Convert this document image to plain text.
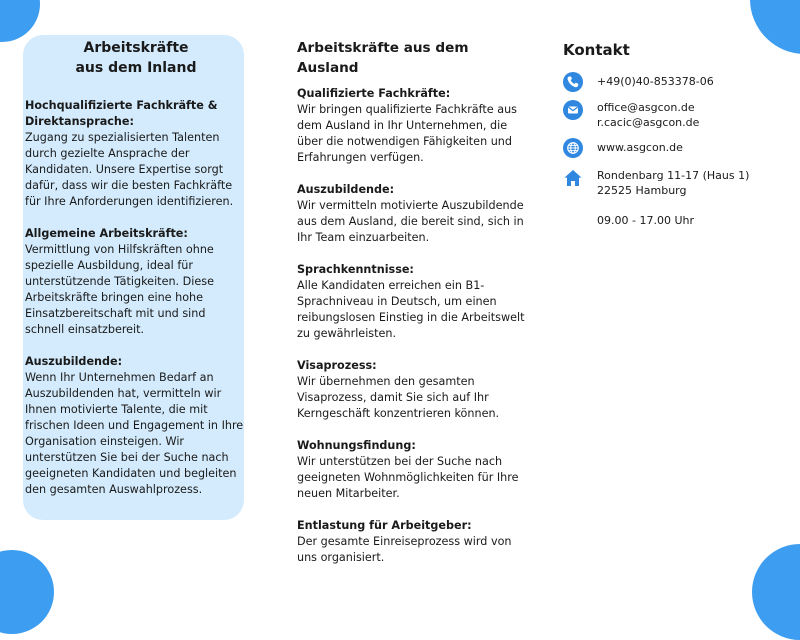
Arbeitskräfte
aus dem Inland
Hochqualifizierte Fachkräfte & Direktansprache:
Zugang zu spezialisierten Talenten durch gezielte Ansprache der Kandidaten. Unsere Expertise sorgt dafür, dass wir die besten Fachkräfte für Ihre Anforderungen identifizieren.
Allgemeine Arbeitskräfte:
Vermittlung von Hilfskräften ohne spezielle Ausbildung, ideal für unterstützende Tätigkeiten. Diese Arbeitskräfte bringen eine hohe Einsatzbereitschaft mit und sind schnell einsatzbereit.
Auszubildende:
Wenn Ihr Unternehmen Bedarf an Auszubildenden hat, vermitteln wir Ihnen motivierte Talente, die mit frischen Ideen und Engagement in Ihre Organisation einsteigen. Wir unterstützen Sie bei der Suche nach geeigneten Kandidaten und begleiten den gesamten Auswahlprozess.
Arbeitskräfte aus dem Ausland
Qualifizierte Fachkräfte:
Wir bringen qualifizierte Fachkräfte aus dem Ausland in Ihr Unternehmen, die über die notwendigen Fähigkeiten und Erfahrungen verfügen.
Auszubildende:
Wir vermitteln motivierte Auszubildende aus dem Ausland, die bereit sind, sich in Ihr Team einzuarbeiten.
Sprachkenntnisse:
Alle Kandidaten erreichen ein B1-Sprachniveau in Deutsch, um einen reibungslosen Einstieg in die Arbeitswelt zu gewährleisten.
Visaprozess:
Wir übernehmen den gesamten Visaprozess, damit Sie sich auf Ihr Kerngeschäft konzentrieren können.
Wohnungsfindung:
Wir unterstützen bei der Suche nach geeigneten Wohnmöglichkeiten für Ihre neuen Mitarbeiter.
Entlastung für Arbeitgeber:
Der gesamte Einreiseprozess wird von uns organisiert.
Kontakt
+49(0)40-853378-06
office@asgcon.de
r.cacic@asgcon.de
www.asgcon.de
Rondenbarg 11-17 (Haus 1)
22525 Hamburg
09.00 - 17.00 Uhr
